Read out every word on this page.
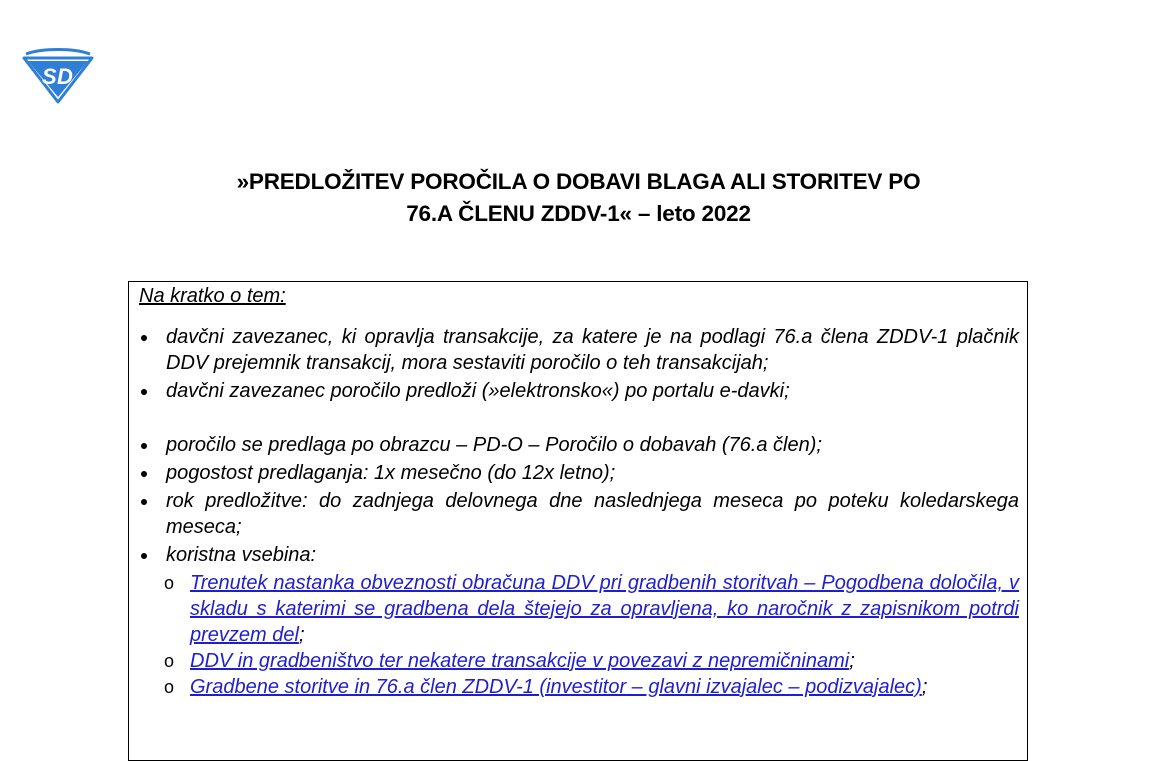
S D
»PREDLOŽITEV POROČILA O DOBAVI BLAGA ALI STORITEV PO
76.A ČLENU ZDDV-1« – leto 2022
Na kratko o tem:
davčni zavezanec, ki opravlja transakcije, za katere je na podlagi 76.a člena ZDDV-1 plačnik DDV prejemnik transakcij, mora sestaviti poročilo o teh transakcijah;
davčni zavezanec poročilo predloži (»elektronsko«) po portalu e-davki;
poročilo se predlaga po obrazcu – PD-O – Poročilo o dobavah (76.a člen);
pogostost predlaganja: 1x mesečno (do 12x letno);
rok predložitve: do zadnjega delovnega dne naslednjega meseca po poteku koledarskega meseca;
koristna vsebina:
o Trenutek nastanka obveznosti obračuna DDV pri gradbenih storitvah – Pogodbena določila, v skladu s katerimi se gradbena dela štejejo za opravljena, ko naročnik z zapisnikom potrdi prevzem del;
o DDV in gradbeništvo ter nekatere transakcije v povezavi z nepremičninami;
o Gradbene storitve in 76.a člen ZDDV-1 (investitor – glavni izvajalec – podizvajalec);
